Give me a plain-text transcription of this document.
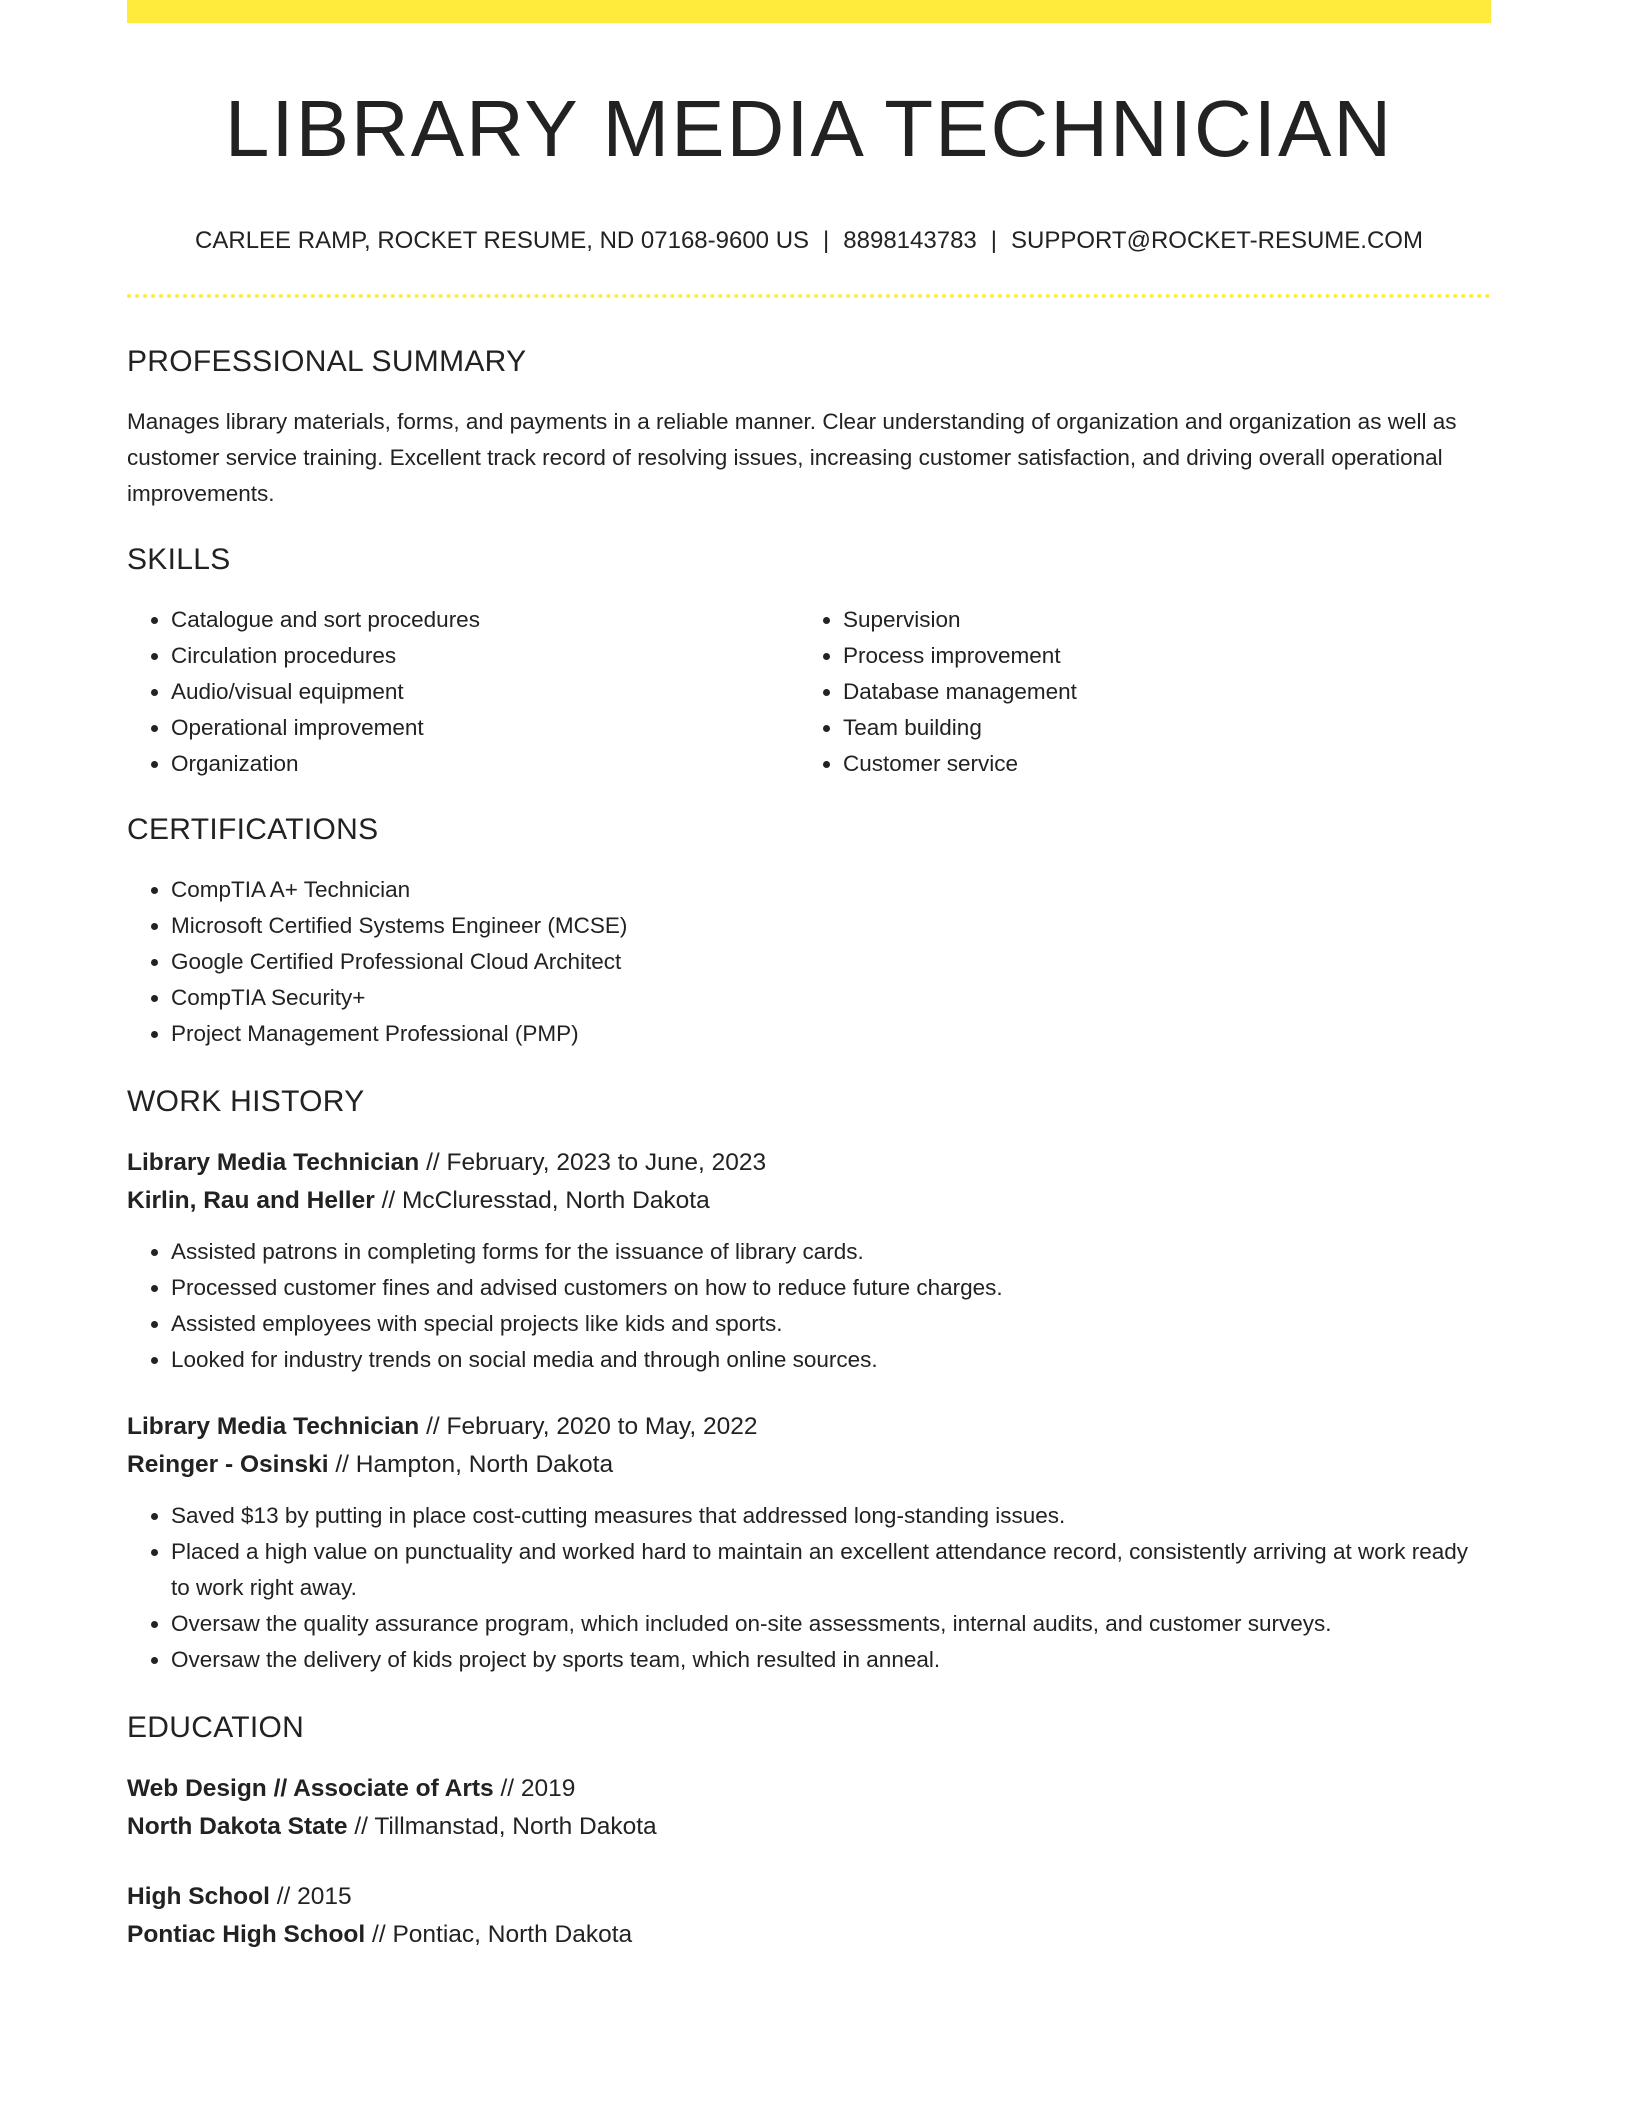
LIBRARY MEDIA TECHNICIAN
CARLEE RAMP, ROCKET RESUME, ND 07168-9600 US | 8898143783 | SUPPORT@ROCKET-RESUME.COM
PROFESSIONAL SUMMARY
Manages library materials, forms, and payments in a reliable manner. Clear understanding of organization and organization as well as customer service training. Excellent track record of resolving issues, increasing customer satisfaction, and driving overall operational improvements.
SKILLS
• Catalogue and sort procedures
• Circulation procedures
• Audio/visual equipment
• Operational improvement
• Organization
• Supervision
• Process improvement
• Database management
• Team building
• Customer service
CERTIFICATIONS
• CompTIA A+ Technician
• Microsoft Certified Systems Engineer (MCSE)
• Google Certified Professional Cloud Architect
• CompTIA Security+
• Project Management Professional (PMP)
WORK HISTORY
Library Media Technician // February, 2023 to June, 2023
Kirlin, Rau and Heller // McCluresstad, North Dakota
• Assisted patrons in completing forms for the issuance of library cards.
• Processed customer fines and advised customers on how to reduce future charges.
• Assisted employees with special projects like kids and sports.
• Looked for industry trends on social media and through online sources.
Library Media Technician // February, 2020 to May, 2022
Reinger - Osinski // Hampton, North Dakota
• Saved $13 by putting in place cost-cutting measures that addressed long-standing issues.
• Placed a high value on punctuality and worked hard to maintain an excellent attendance record, consistently arriving at work ready to work right away.
• Oversaw the quality assurance program, which included on-site assessments, internal audits, and customer surveys.
• Oversaw the delivery of kids project by sports team, which resulted in anneal.
EDUCATION
Web Design // Associate of Arts // 2019
North Dakota State // Tillmanstad, North Dakota
High School // 2015
Pontiac High School // Pontiac, North Dakota
